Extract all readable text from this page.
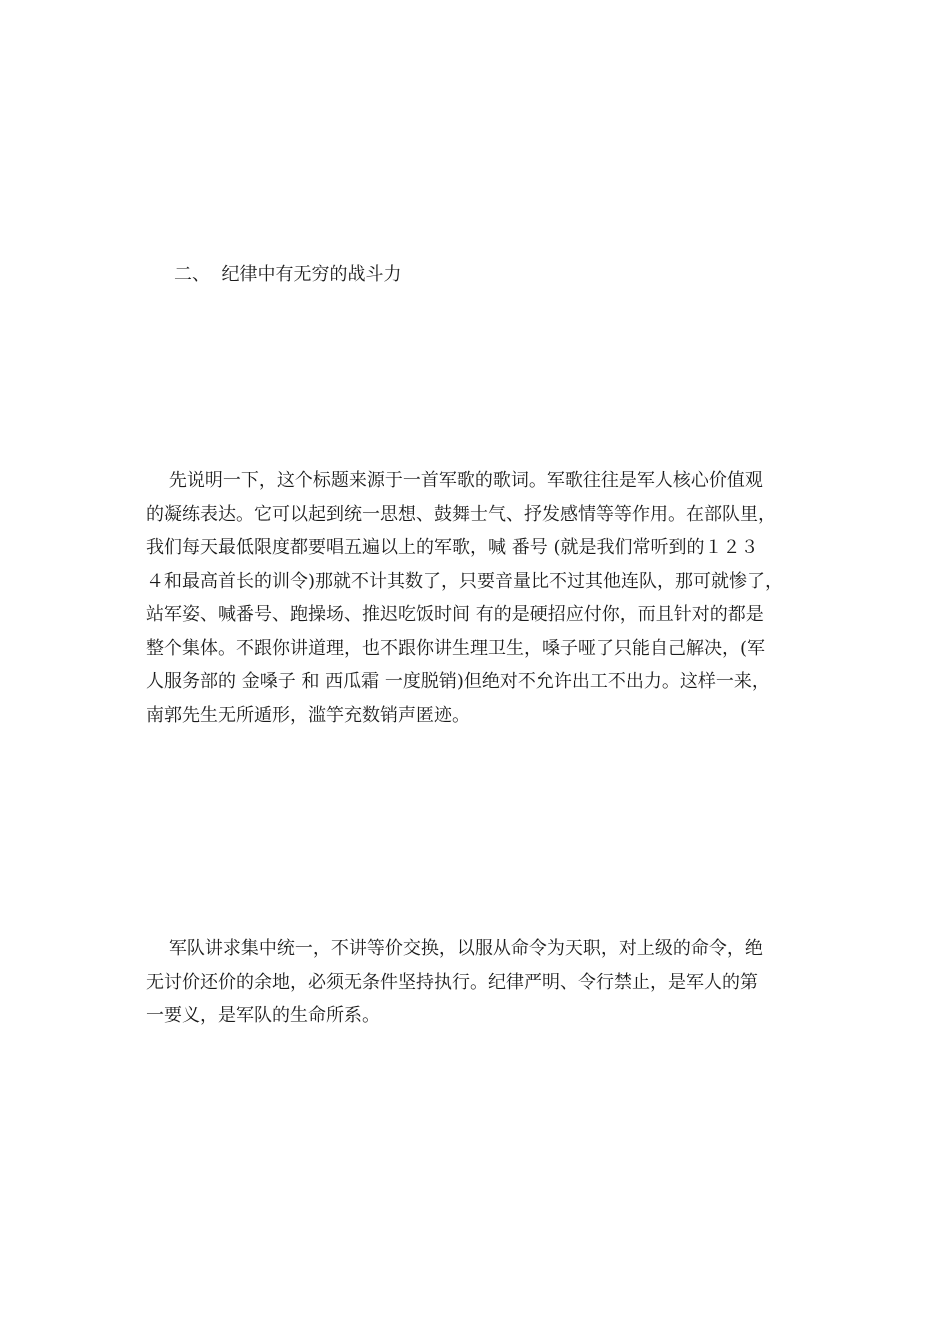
二、  纪律中有无穷的战斗力
先说明一下，这个标题来源于一首军歌的歌词。军歌往往是军人核心价值观
的凝练表达。它可以起到统一思想、鼓舞士气、抒发感情等等作用。在部队里，
我们每天最低限度都要唱五遍以上的军歌，喊 番号 (就是我们常听到的１２３
４和最高首长的训令)那就不计其数了，只要音量比不过其他连队，那可就惨了，
站军姿、喊番号、跑操场、推迟吃饭时间 有的是硬招应付你，而且针对的都是
整个集体。不跟你讲道理，也不跟你讲生理卫生，嗓子哑了只能自己解决，(军
人服务部的 金嗓子 和 西瓜霜 一度脱销)但绝对不允许出工不出力。这样一来，
南郭先生无所遁形，滥竽充数销声匿迹。
军队讲求集中统一，不讲等价交换，以服从命令为天职，对上级的命令，绝
无讨价还价的余地，必须无条件坚持执行。纪律严明、令行禁止，是军人的第
一要义，是军队的生命所系。
